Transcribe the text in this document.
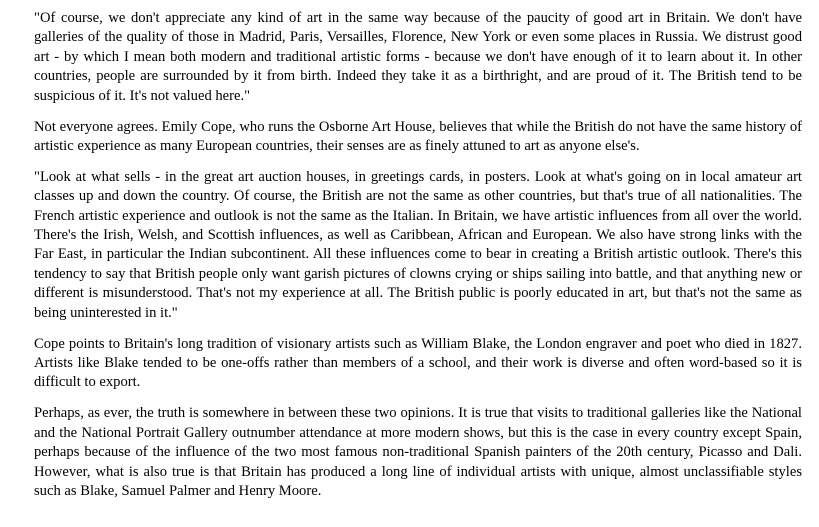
"Of course, we don't appreciate any kind of art in the same way because of the paucity of good art in Britain. We don't have galleries of the quality of those in Madrid, Paris, Versailles, Florence, New York or even some places in Russia. We distrust good art - by which I mean both modern and traditional artistic forms - because we don't have enough of it to learn about it. In other countries, people are surrounded by it from birth. Indeed they take it as a birthright, and are proud of it. The British tend to be suspicious of it. It's not valued here."

Not everyone agrees. Emily Cope, who runs the Osborne Art House, believes that while the British do not have the same history of artistic experience as many European countries, their senses are as finely attuned to art as anyone else's.

"Look at what sells - in the great art auction houses, in greetings cards, in posters. Look at what's going on in local amateur art classes up and down the country. Of course, the British are not the same as other countries, but that's true of all nationalities. The French artistic experience and outlook is not the same as the Italian. In Britain, we have artistic influences from all over the world. There's the Irish, Welsh, and Scottish influences, as well as Caribbean, African and European. We also have strong links with the Far East, in particular the Indian subcontinent. All these influences come to bear in creating a British artistic outlook. There's this tendency to say that British people only want garish pictures of clowns crying or ships sailing into battle, and that anything new or different is misunderstood. That's not my experience at all. The British public is poorly educated in art, but that's not the same as being uninterested in it."

Cope points to Britain's long tradition of visionary artists such as William Blake, the London engraver and poet who died in 1827. Artists like Blake tended to be one-offs rather than members of a school, and their work is diverse and often word-based so it is difficult to export.

Perhaps, as ever, the truth is somewhere in between these two opinions. It is true that visits to traditional galleries like the National and the National Portrait Gallery outnumber attendance at more modern shows, but this is the case in every country except Spain, perhaps because of the influence of the two most famous non-traditional Spanish painters of the 20th century, Picasso and Dali. However, what is also true is that Britain has produced a long line of individual artists with unique, almost unclassifiable styles such as Blake, Samuel Palmer and Henry Moore.
